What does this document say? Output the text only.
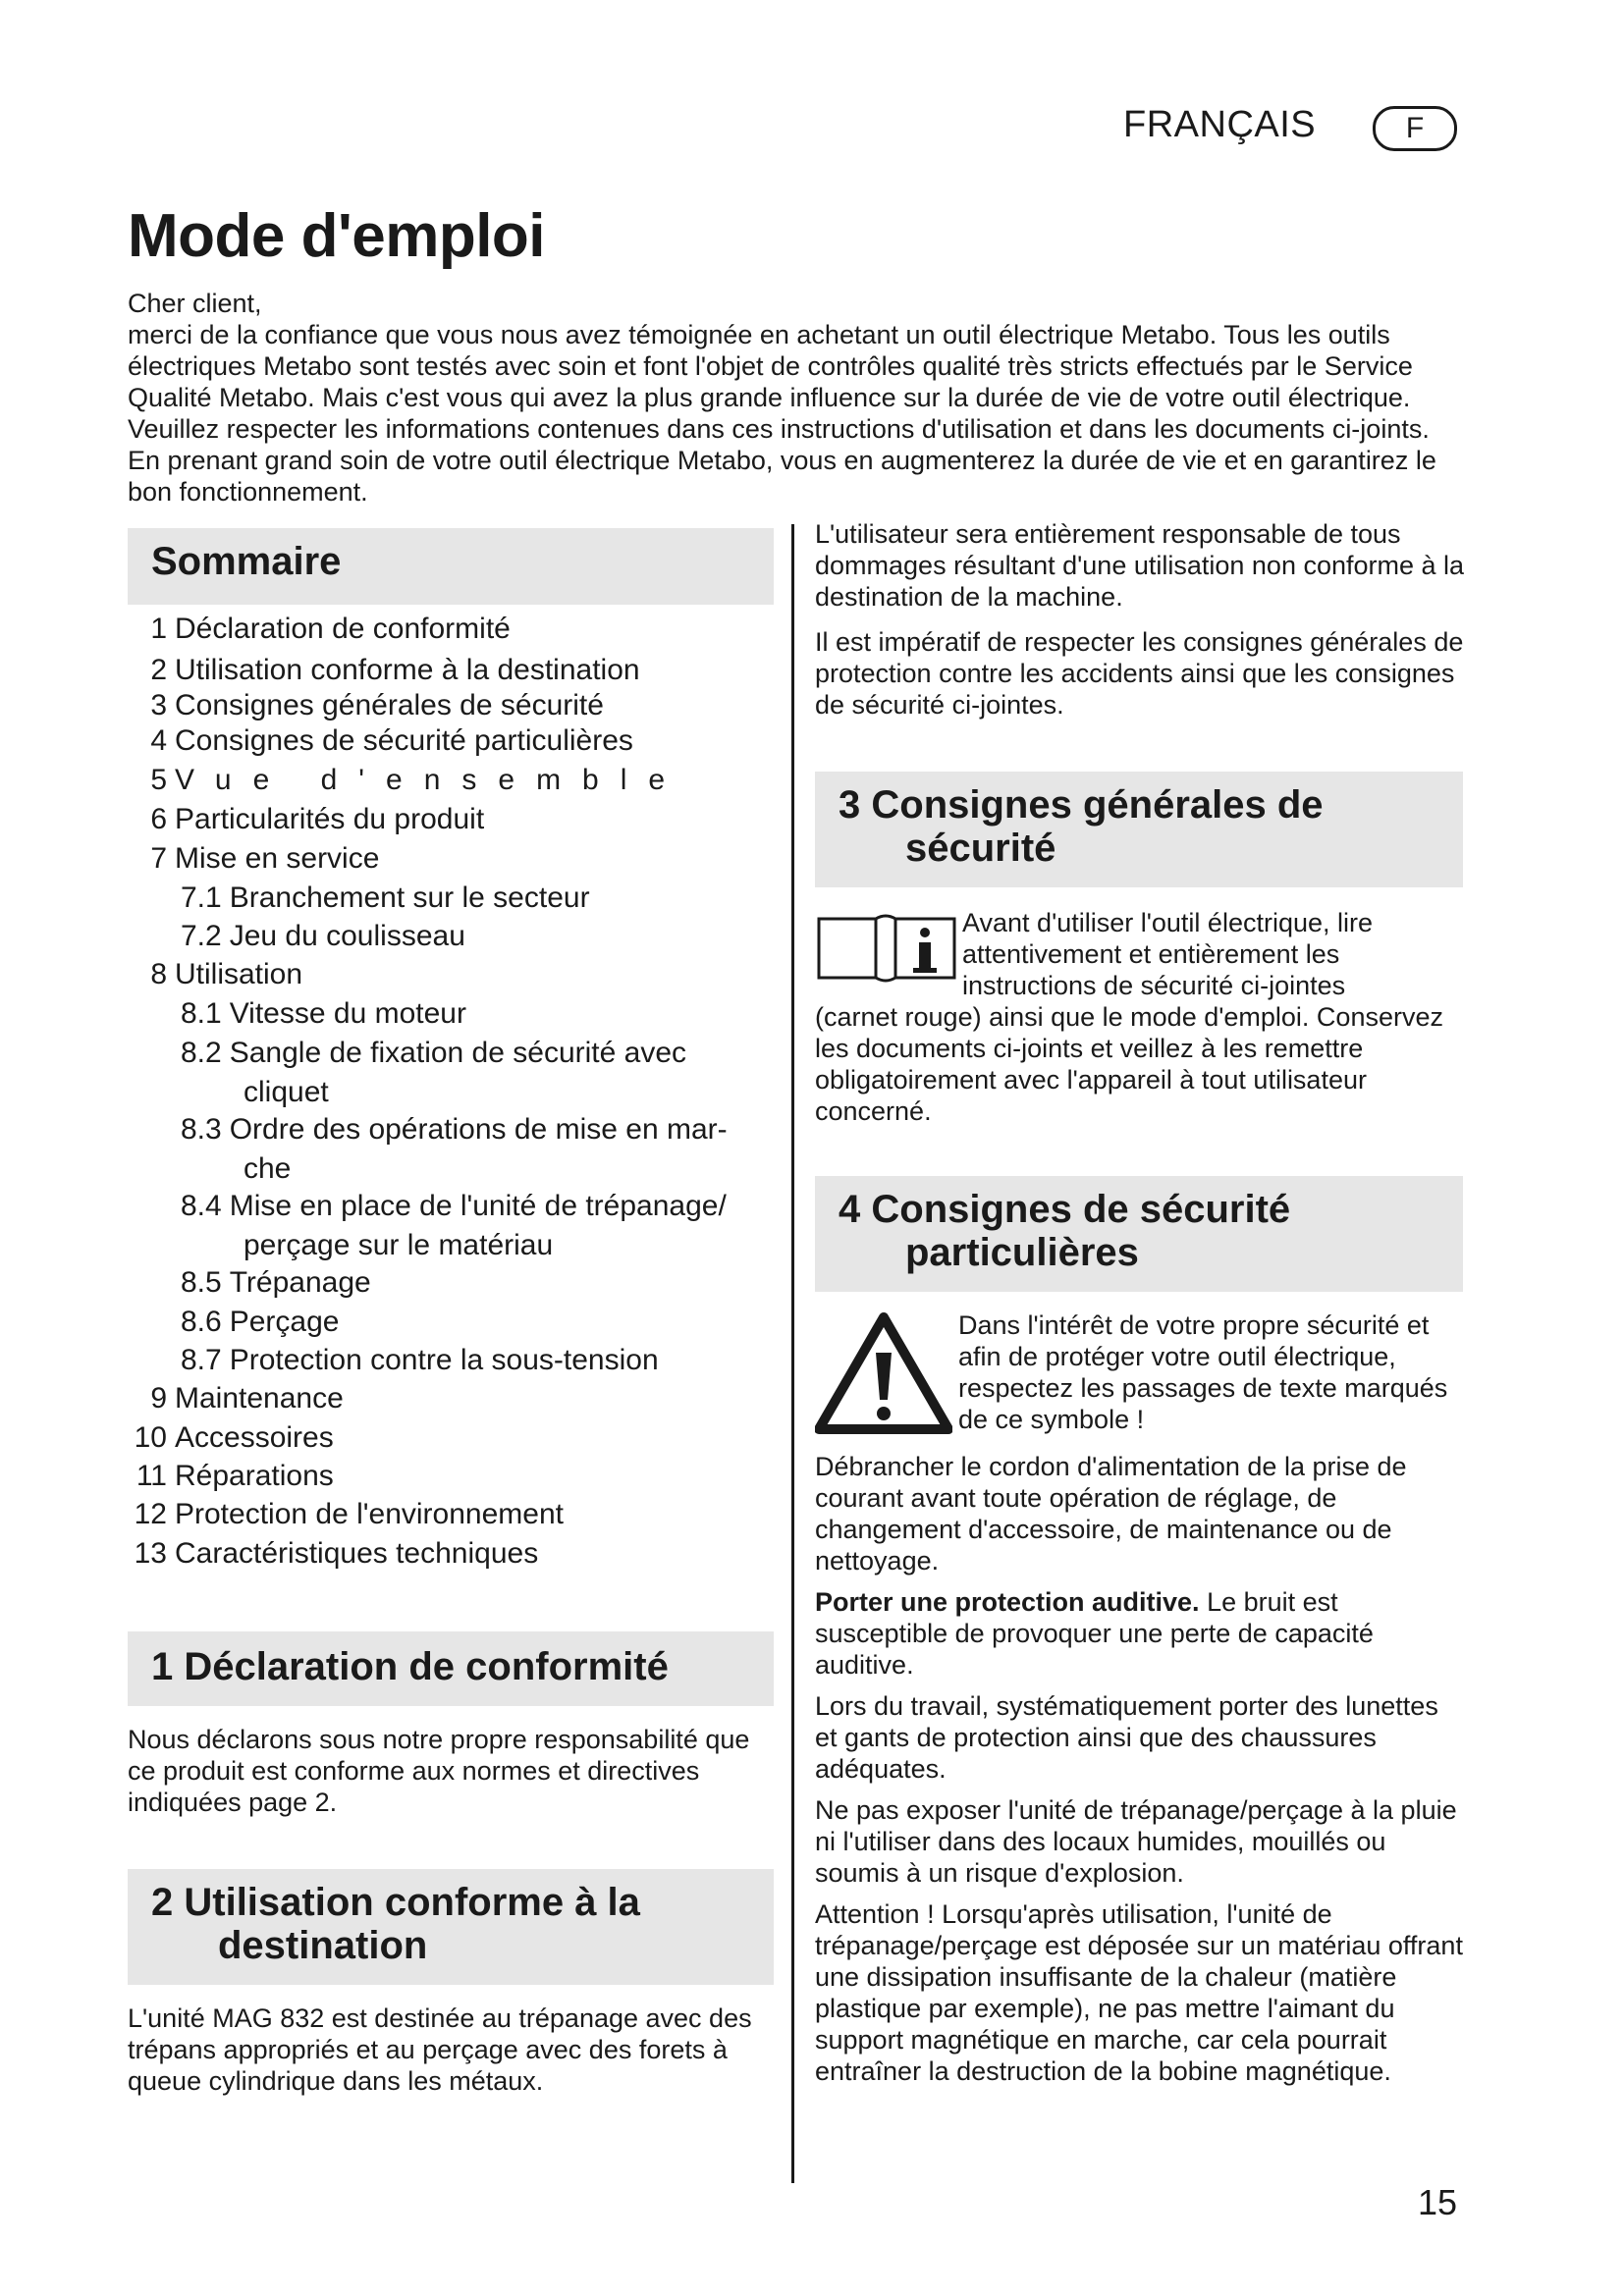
FRANÇAIS	F
Mode d'emploi

Cher client,

merci de la confiance que vous nous avez témoignée en achetant un outil électrique Metabo. Tous les outils électriques Metabo sont testés avec soin et font l'objet de contrôles qualité très stricts effectués par le Service Qualité Metabo. Mais c'est vous qui avez la plus grande influence sur la durée de vie de votre outil électrique. Veuillez respecter les informations contenues dans ces instructions d'utilisation et dans les documents ci-joints. En prenant grand soin de votre outil électrique Metabo, vous en augmenterez la durée de vie et en garantirez le bon fonctionnement.

Sommaire
1 Déclaration de conformité
2 Utilisation conforme à la destination
3 Consignes générales de sécurité
4 Consignes de sécurité particulières
5 Vue d'ensemble
6 Particularités du produit
7 Mise en service
7.1 Branchement sur le secteur
7.2 Jeu du coulisseau
8 Utilisation
8.1 Vitesse du moteur
8.2 Sangle de fixation de sécurité avec
cliquet
8.3 Ordre des opérations de mise en mar-
che
8.4 Mise en place de l'unité de trépanage/
perçage sur le matériau
8.5 Trépanage
8.6 Perçage
8.7 Protection contre la sous-tension
9 Maintenance
10 Accessoires
11 Réparations
12 Protection de l'environnement
13 Caractéristiques techniques
1 Déclaration de conformité

Nous déclarons sous notre propre responsabilité que ce produit est conforme aux normes et directives indiquées page 2.

2 Utilisation conforme à la
destination

L'unité MAG 832 est destinée au trépanage avec des trépans appropriés et au perçage avec des forets à queue cylindrique dans les métaux.

L'utilisateur sera entièrement responsable de tous dommages résultant d'une utilisation non conforme à la destination de la machine.

Il est impératif de respecter les consignes générales de protection contre les accidents ainsi que les consignes de sécurité ci-jointes.

3 Consignes générales de
sécurité

Avant d'utiliser l'outil électrique, lire attentivement et entièrement les instructions de sécurité ci-jointes

(carnet rouge) ainsi que le mode d'emploi. Conservez les documents ci-joints et veillez à les remettre obligatoirement avec l'appareil à tout utilisateur concerné.

4 Consignes de sécurité
particulières

Dans l'intérêt de votre propre sécurité et afin de protéger votre outil électrique, respectez les passages de texte marqués de ce symbole !

Débrancher le cordon d'alimentation de la prise de courant avant toute opération de réglage, de changement d'accessoire, de maintenance ou de nettoyage.

Porter une protection auditive. Le bruit est susceptible de provoquer une perte de capacité auditive.

Lors du travail, systématiquement porter des lunettes et gants de protection ainsi que des chaussures adéquates.

Ne pas exposer l'unité de trépanage/perçage à la pluie ni l'utiliser dans des locaux humides, mouillés ou soumis à un risque d'explosion.

Attention ! Lorsqu'après utilisation, l'unité de trépanage/perçage est déposée sur un matériau offrant une dissipation insuffisante de la chaleur (matière plastique par exemple), ne pas mettre l'aimant du support magnétique en marche, car cela pourrait entraîner la destruction de la bobine magnétique.

15
